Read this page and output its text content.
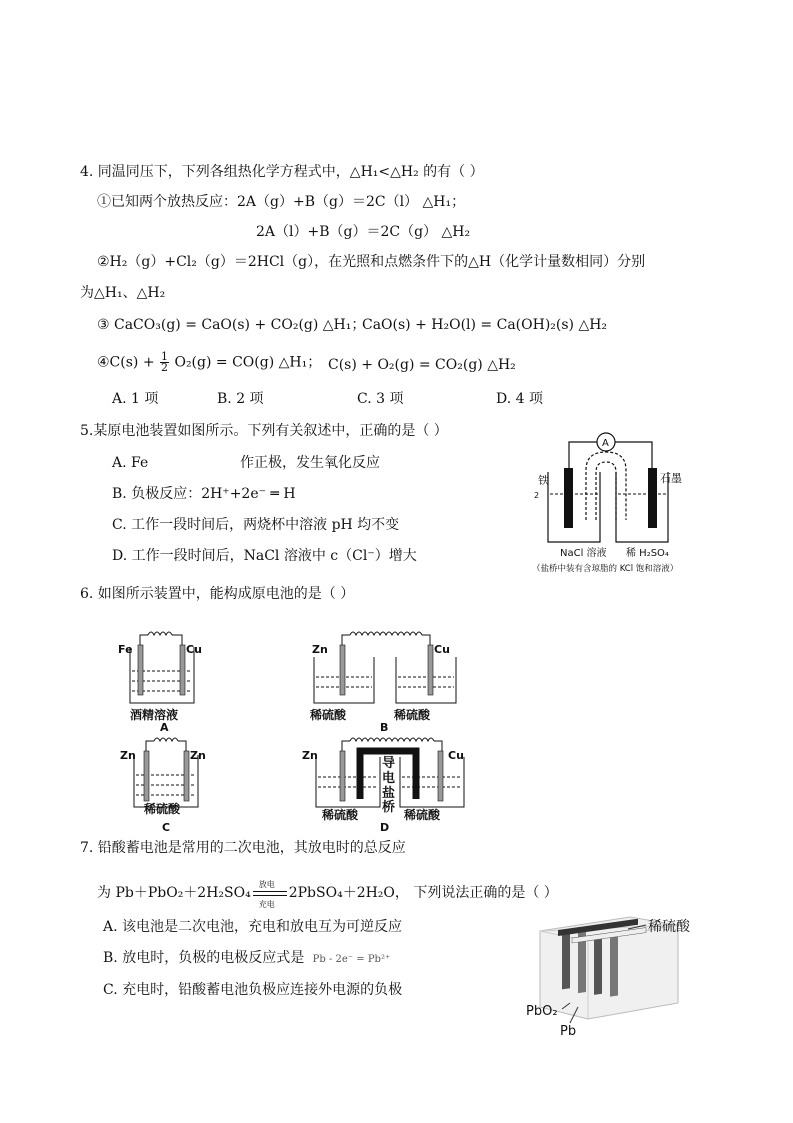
4. 同温同压下，下列各组热化学方程式中，△H₁<△H₂ 的有（ ）
①已知两个放热反应：2A（g）+B（g）＝2C（l） △H₁；
2A（l）+B（g）＝2C（g） △H₂
②H₂（g）+Cl₂（g）＝2HCl（g），在光照和点燃条件下的△H（化学计量数相同）分别
为△H₁、△H₂
③ CaCO₃(g) = CaO(s) + CO₂(g) △H₁；
CaO(s) + H₂O(l) = Ca(OH)₂(s) △H₂
④C(s) + $\frac{1}{2} O_2(g) = CO(g)$ △H₁； C(s) + O₂(g) = CO₂(g) △H₂
A. 1 项	B. 2 项	C. 3 项	D. 4 项
5.某原电池装置如图所示。下列有关叙述中，正确的是（ ）
A. Fe	作正极，发生氧化反应
B. 负极反应：2H⁺+2e⁻ ═ H
C. 工作一段时间后，两烧杯中溶液 pH 均不变
D. 工作一段时间后，NaCl 溶液中 c（Cl⁻）增大
A
铁	石墨
2
NaCl 溶液 稀 H₂SO₄
（盐桥中装有含琼脂的 KCl 饱和溶液）
6. 如图所示装置中，能构成原电池的是（ ）
Fe	Cu
酒精溶液
A
Zn	Cu
稀硫酸	稀硫酸
B
Zn	Zn
稀硫酸
C
Zn	Cu
导
电
盐
桥
稀硫酸	稀硫酸
D
7. 铅酸蓄电池是常用的二次电池，其放电时的总反应
为 Pb＋PbO₂＋2H₂SO₄
放电
充电
2PbSO₄＋2H₂O， 下列说法正确的是（ ）
A. 该电池是二次电池，充电和放电互为可逆反应
B. 放电时，负极的电极反应式是 Pb - 2e⁻ = Pb²⁺
C. 充电时，铅酸蓄电池负极应连接外电源的负极
稀硫酸
PbO₂
Pb
